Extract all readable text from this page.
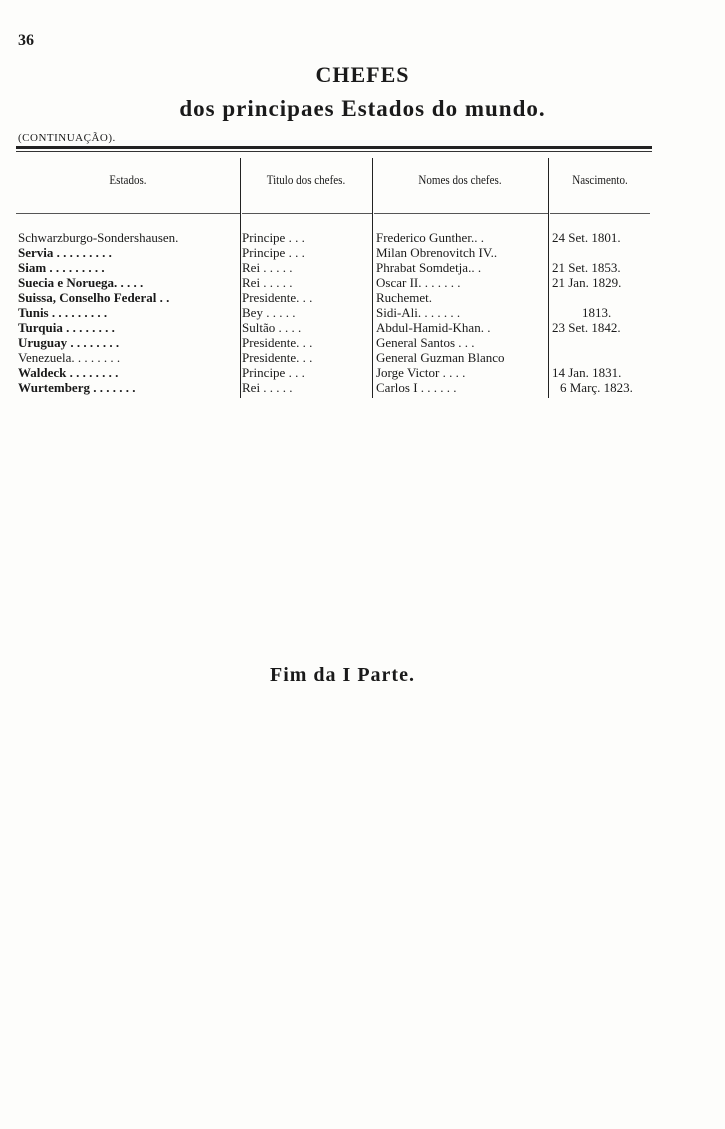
36
CHEFES
dos principaes Estados do mundo.
(CONTINUAÇÃO).
Estados.	Titulo dos chefes.	Nomes dos chefes.	Nascimento.
Schwarzburgo-Sondershausen.	Principe . . .	Frederico Gunther.. .	24 Set. 1801.
Servia . . . . . . . . .	Principe . . .	Milan Obrenovitch IV..
Siam . . . . . . . . .	Rei . . . . .	Phrabat Somdetja.. .	21 Set. 1853.
Suecia e Noruega. . . . .	Rei . . . . .	Oscar II. . . . . . .	21 Jan. 1829.
Suissa, Conselho Federal . .	Presidente. . .	Ruchemet.
Tunis . . . . . . . . .	Bey . . . . .	Sidi-Ali. . . . . . .	1813.
Turquia . . . . . . . .	Sultão . . . .	Abdul-Hamid-Khan. .	23 Set. 1842.
Uruguay . . . . . . . .	Presidente. . .	General Santos . . .
Venezuela. . . . . . . .	Presidente. . .	General Guzman Blanco
Waldeck . . . . . . . .	Principe . . .	Jorge Victor . . . .	14 Jan. 1831.
Wurtemberg . . . . . . .	Rei . . . . .	Carlos I . . . . . .	6 Març. 1823.
Fim da I Parte.
